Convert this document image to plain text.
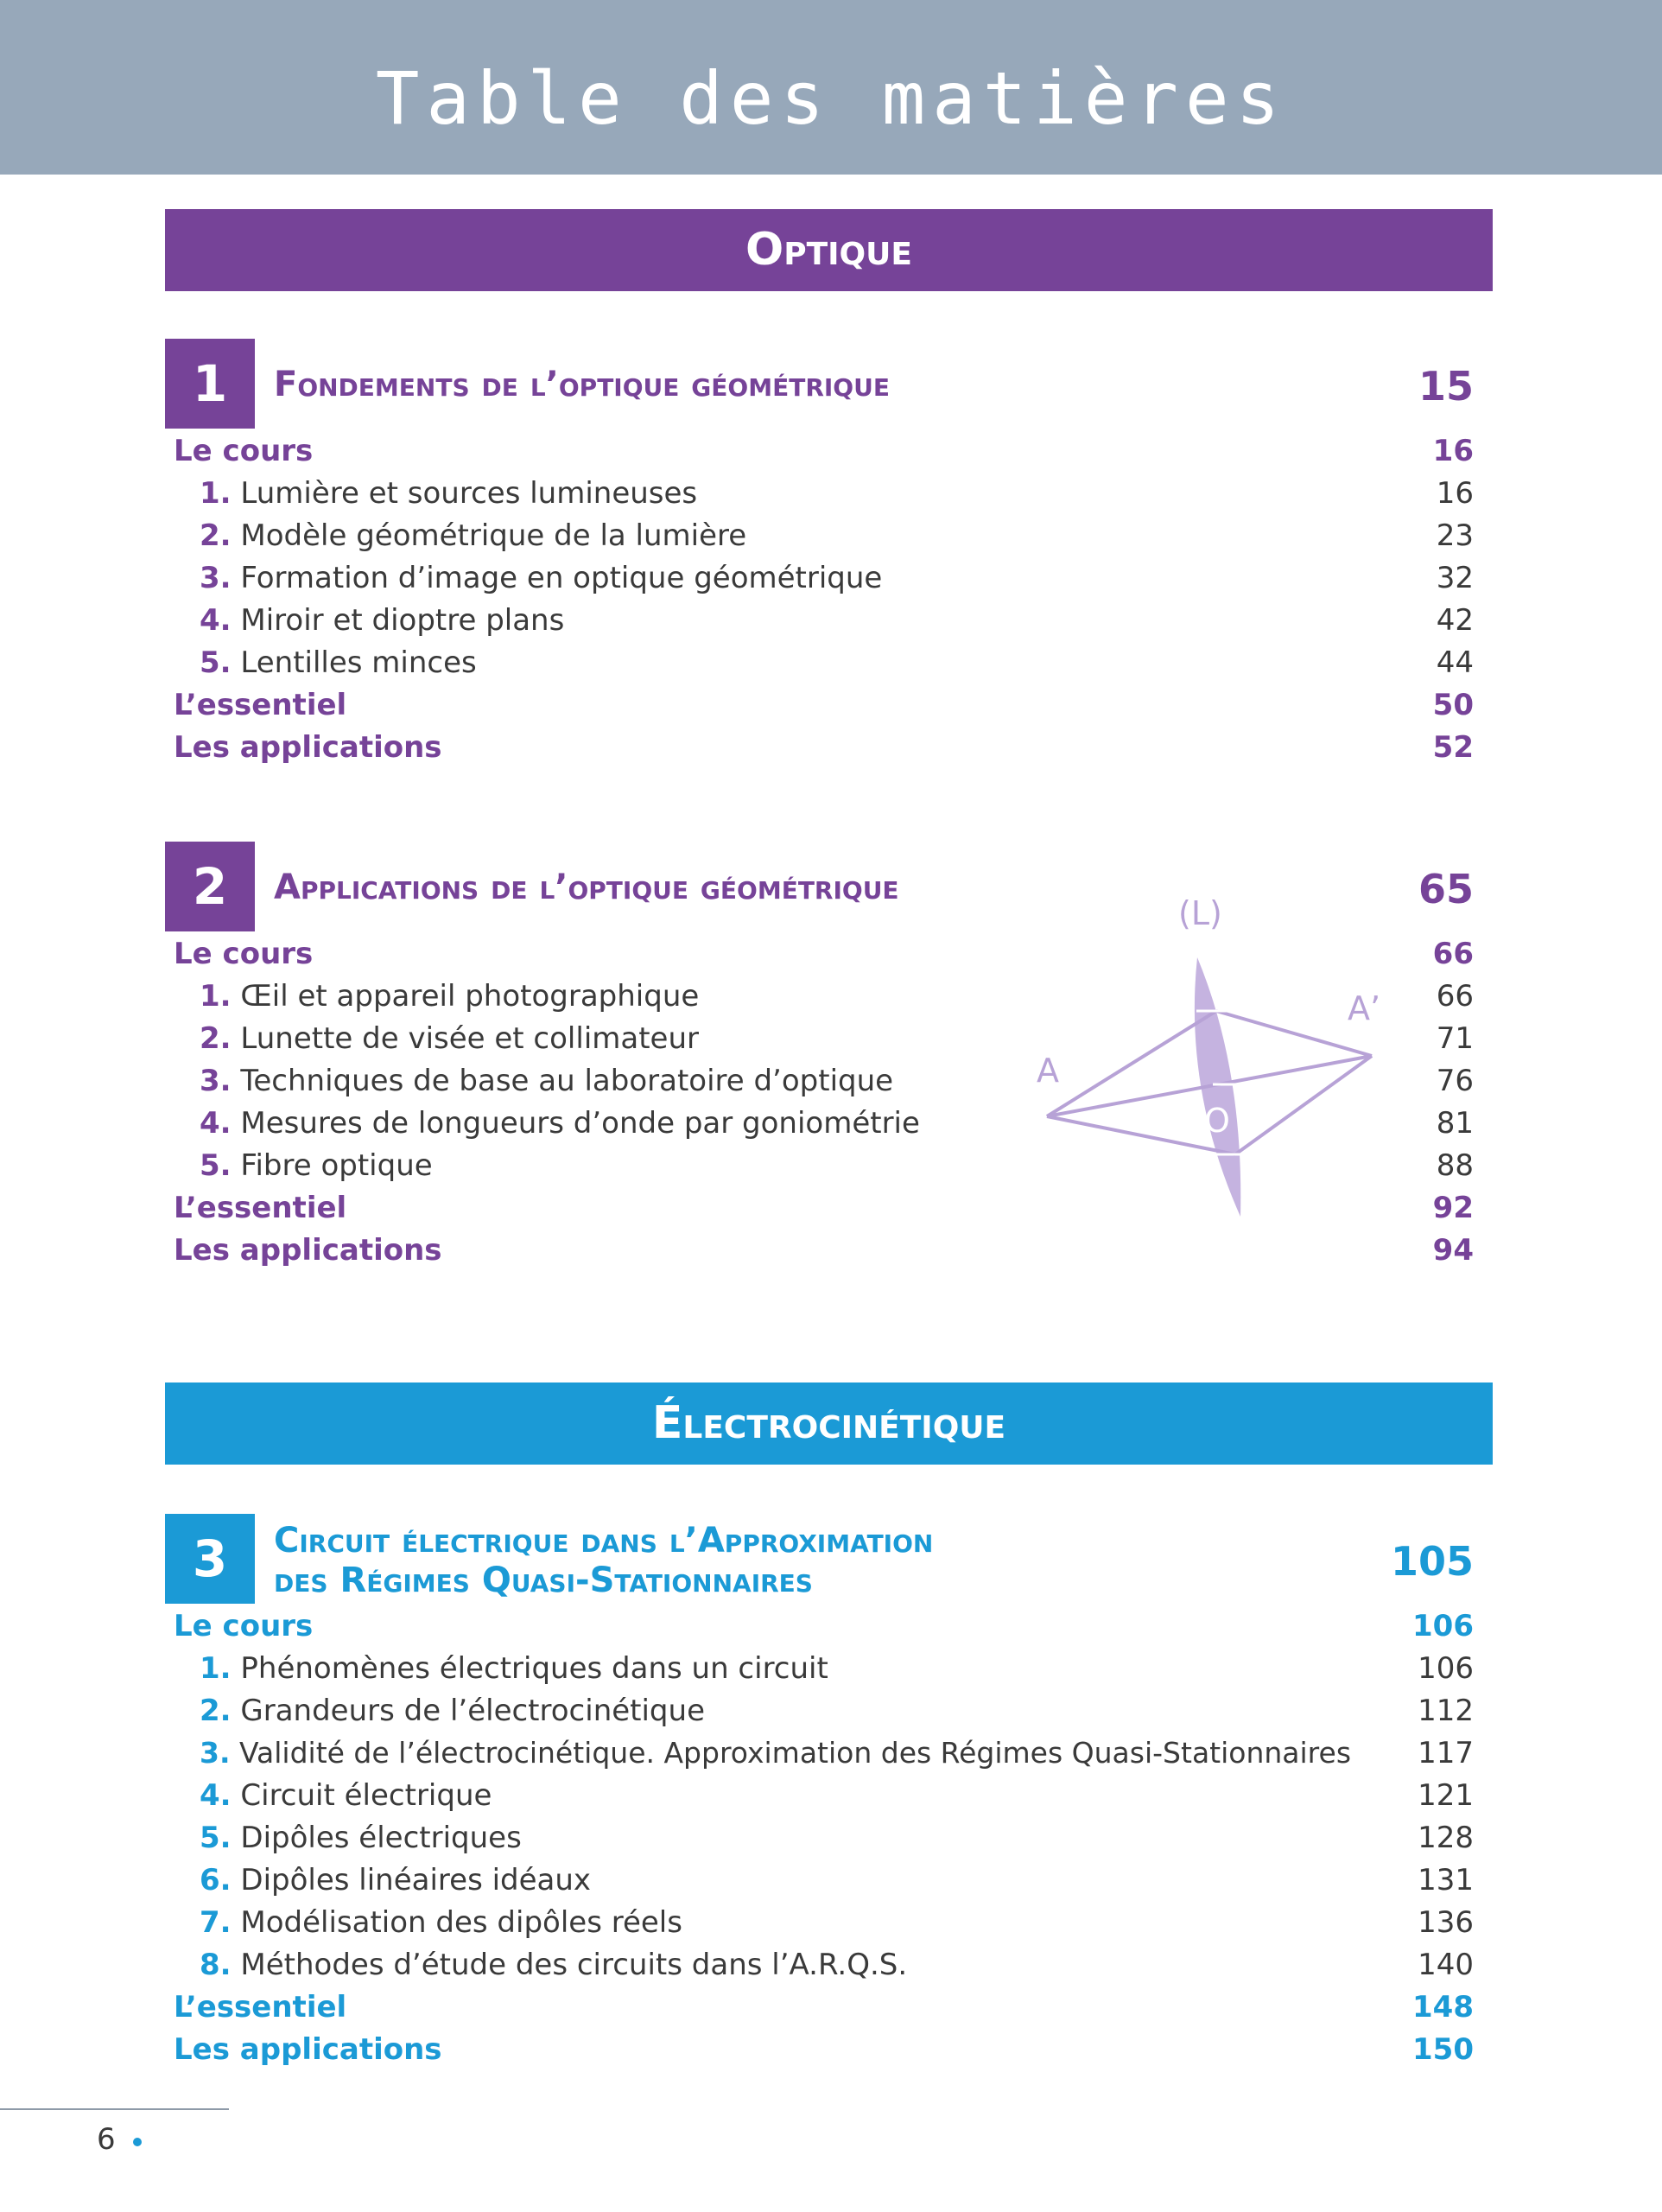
Table des matières
Optique
1	Fondements de l’optique géométrique	15
Le cours	16
1. Lumière et sources lumineuses	16
2. Modèle géométrique de la lumière	23
3. Formation d’image en optique géométrique	32
4. Miroir et dioptre plans	42
5. Lentilles minces	44
L’essentiel	50
Les applications	52
2	Applications de l’optique géométrique	65
Le cours	66
1. Œil et appareil photographique	66
2. Lunette de visée et collimateur	71
3. Techniques de base au laboratoire d’optique	76
4. Mesures de longueurs d’onde par goniométrie	81
5. Fibre optique	88
L’essentiel	92
Les applications	94
(L)
A
A’
O
Électrocinétique
3	Circuit électrique dans l’Approximation
des Régimes Quasi-Stationnaires	105
Le cours	106
1. Phénomènes électriques dans un circuit	106
2. Grandeurs de l’électrocinétique	112
3. Validité de l’électrocinétique. Approximation des Régimes Quasi-Stationnaires 117
4. Circuit électrique	121
5. Dipôles électriques	128
6. Dipôles linéaires idéaux	131
7. Modélisation des dipôles réels	136
8. Méthodes d’étude des circuits dans l’A.R.Q.S.	140
L’essentiel	148
Les applications	150
6
